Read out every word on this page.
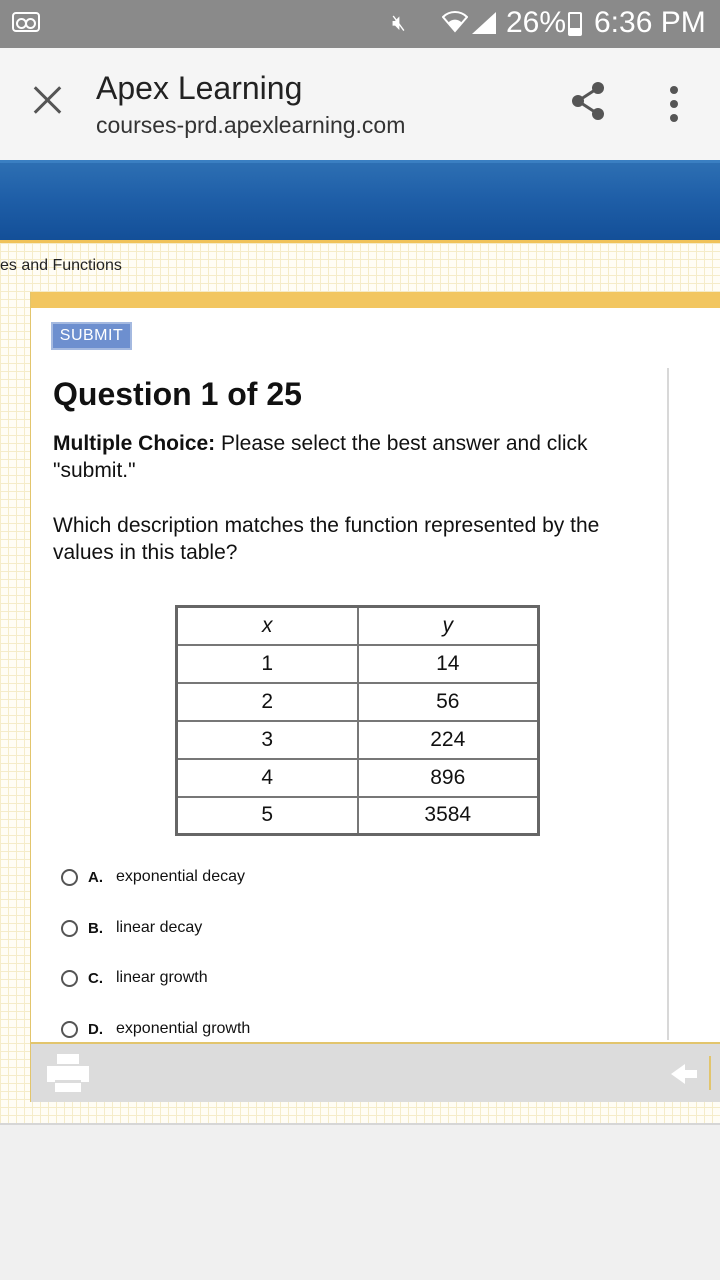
🔇︎	26% 6:36 PM
Apex Learning
courses-prd.apexlearning.com
es and Functions
SUBMIT
Question 1 of 25
Multiple Choice: Please select the best answer and click "submit."
Which description matches the function represented by the values in this table?
x	y
1	14
2	56
3	224
4	896
5	3584
A. exponential decay
B. linear decay
C. linear growth
D. exponential growth
